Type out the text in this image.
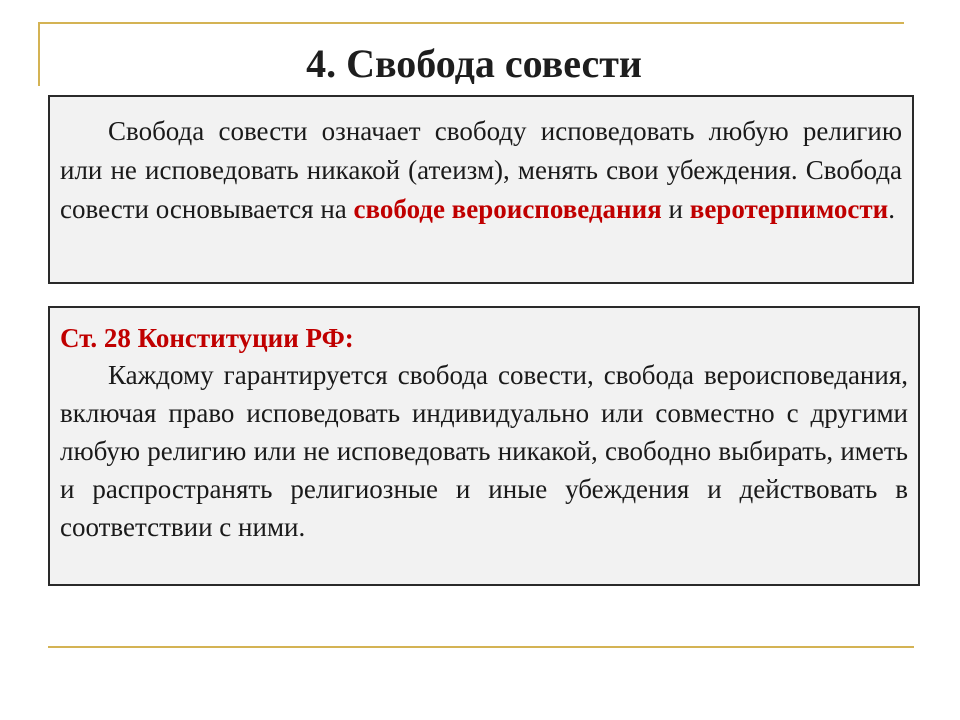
4. Свобода совести

Свобода совести означает свободу исповедовать любую религию или не исповедовать никакой (атеизм), менять свои убеждения. Свобода совести основывается на свободе вероисповедания и веротерпимости.

Ст. 28 Конституции РФ:

Каждому гарантируется свобода совести, свобода вероисповедания, включая право исповедовать индивидуально или совместно с другими любую религию или не исповедовать никакой, свободно выбирать, иметь и распространять религиозные и иные убеждения и действовать в соответствии с ними.
